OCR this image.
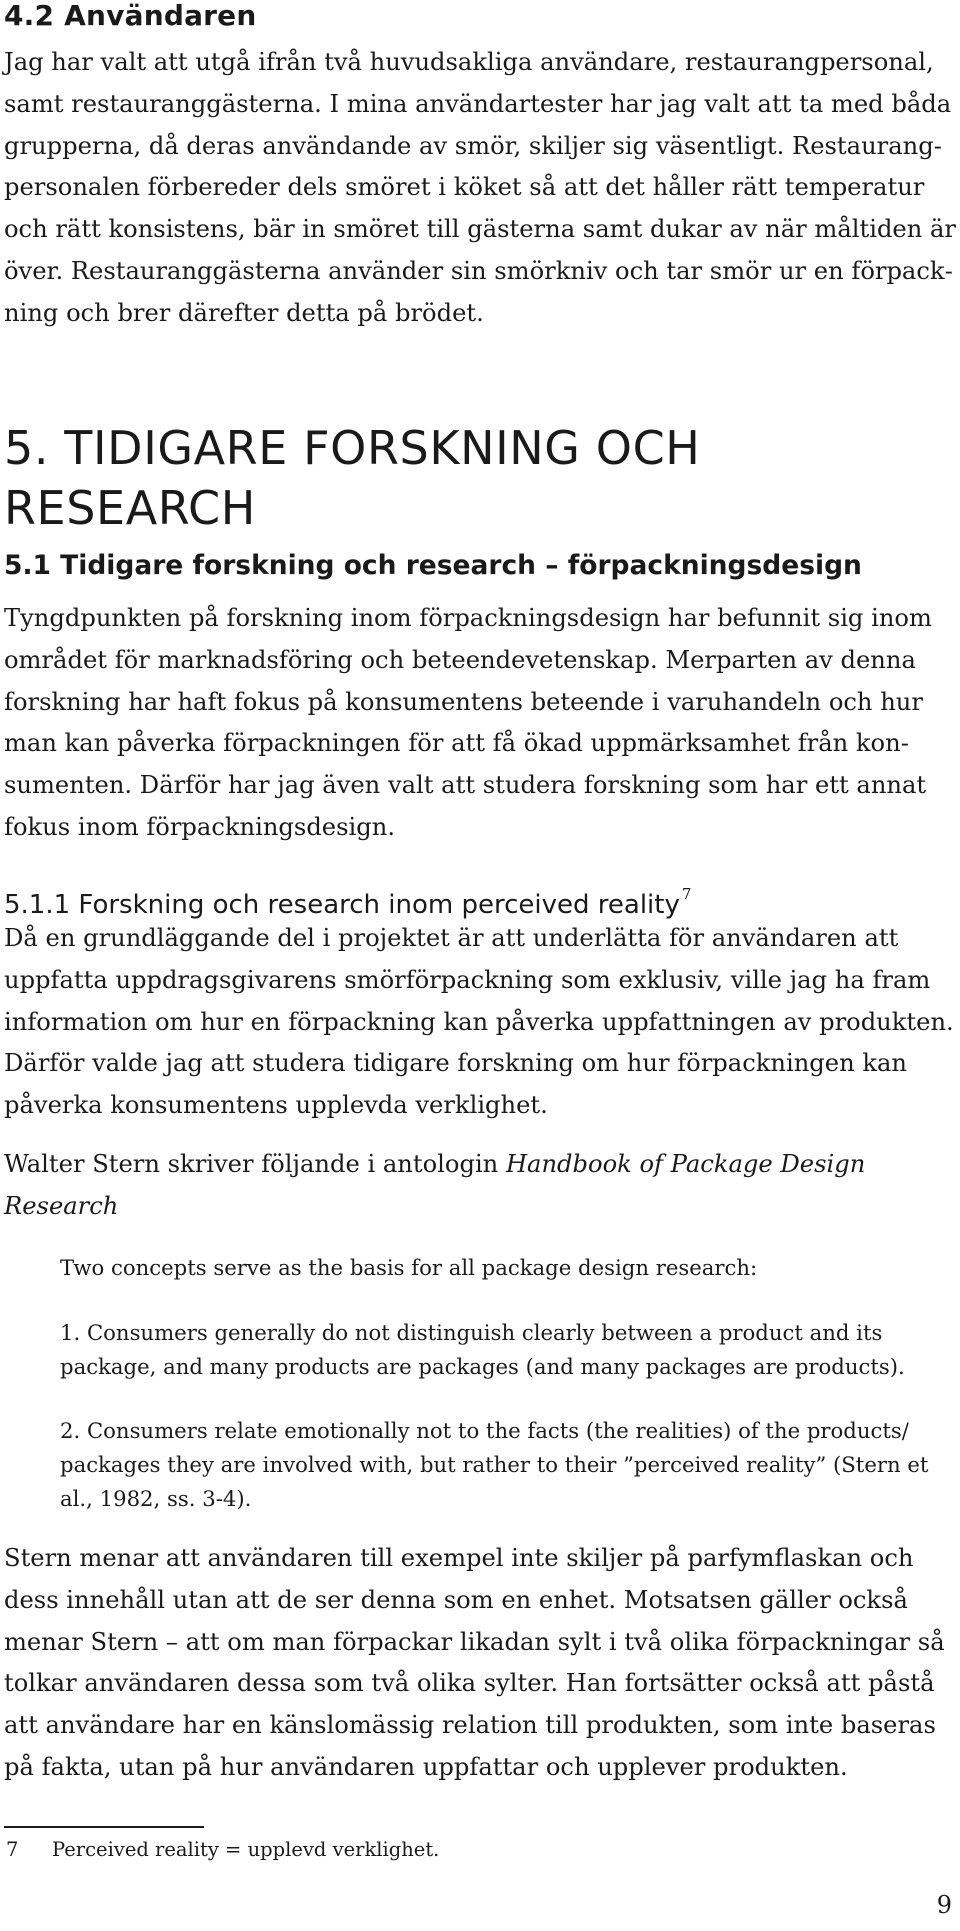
4.2 Användaren

Jag har valt att utgå ifrån två huvudsakliga användare, restaurangpersonal, samt restauranggästerna. I mina användartester har jag valt att ta med båda grupperna, då deras användande av smör, skiljer sig väsentligt. Restaurangpersonalen förbereder dels smöret i köket så att det håller rätt temperatur och rätt konsistens, bär in smöret till gästerna samt dukar av när måltiden är över. Restauranggästerna använder sin smörkniv och tar smör ur en förpackning och brer därefter detta på brödet.

5. TIDIGARE FORSKNING OCH RESEARCH
5.1 Tidigare forskning och research – förpackningsdesign

Tyngdpunkten på forskning inom förpackningsdesign har befunnit sig inom området för marknadsföring och beteendevetenskap. Merparten av denna forskning har haft fokus på konsumentens beteende i varuhandeln och hur man kan påverka förpackningen för att få ökad uppmärksamhet från konsumenten. Därför har jag även valt att studera forskning som har ett annat fokus inom förpackningsdesign.

5.1.1 Forskning och research inom perceived reality $^7$

Då en grundläggande del i projektet är att underlätta för användaren att uppfatta uppdragsgivarens smörförpackning som exklusiv, ville jag ha fram information om hur en förpackning kan påverka uppfattningen av produkten. Därför valde jag att studera tidigare forskning om hur förpackningen kan påverka konsumentens upplevda verklighet.

Walter Stern skriver följande i antologin Handbook of Package Design Research

Two concepts serve as the basis for all package design research:

1. Consumers generally do not distinguish clearly between a product and its package, and many products are packages (and many packages are products).

2. Consumers relate emotionally not to the facts (the realities) of the products/ packages they are involved with, but rather to their ”perceived reality” (Stern et al., 1982, ss. 3-4).

Stern menar att användaren till exempel inte skiljer på parfymflaskan och dess innehåll utan att de ser denna som en enhet. Motsatsen gäller också menar Stern – att om man förpackar likadan sylt i två olika förpackningar så tolkar användaren dessa som två olika sylter. Han fortsätter också att påstå att användare har en känslomässig relation till produkten, som inte baseras på fakta, utan på hur användaren uppfattar och upplever produkten.

7 Perceived reality = upplevd verklighet.
9
